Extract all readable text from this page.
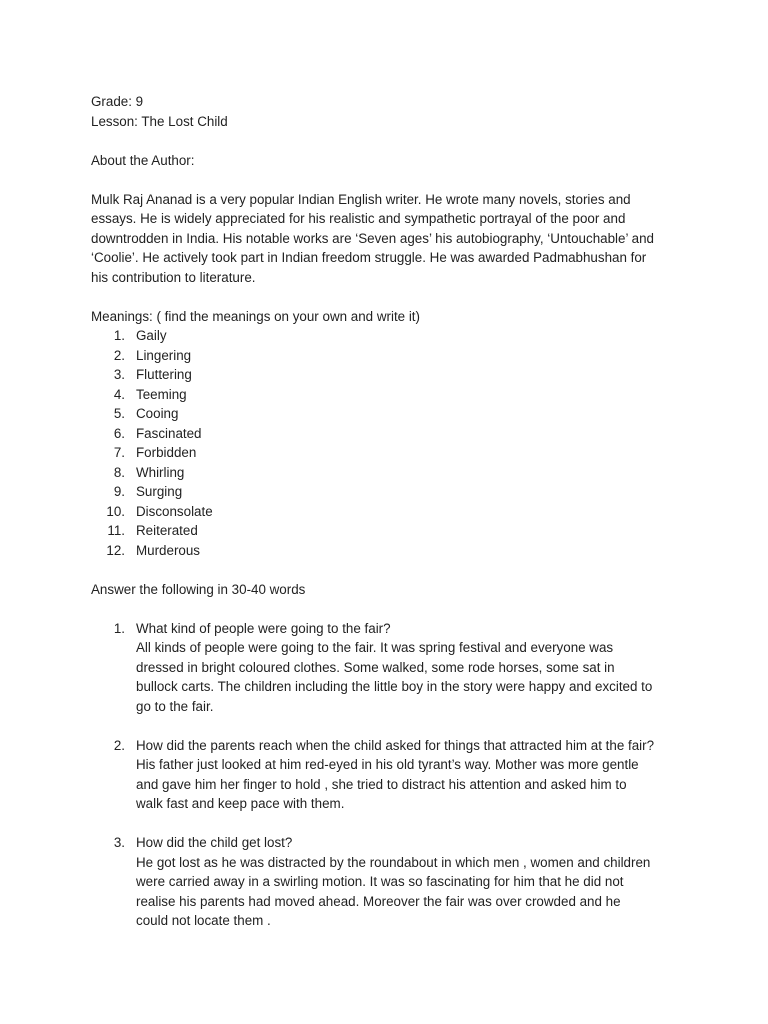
Grade: 9

Lesson: The Lost Child

About the Author:

Mulk Raj Ananad is a very popular Indian English writer. He wrote many novels, stories and essays. He is widely appreciated for his realistic and sympathetic portrayal of the poor and downtrodden in India. His notable works are ‘Seven ages’ his autobiography, ‘Untouchable’ and ‘Coolie’. He actively took part in Indian freedom struggle. He was awarded Padmabhushan for his contribution to literature.

Meanings: ( find the meanings on your own and write it)

1. Gaily
2. Lingering
3. Fluttering
4. Teeming
5. Cooing
6. Fascinated
7. Forbidden
8. Whirling
9. Surging
10. Disconsolate
11. Reiterated
12. Murderous

Answer the following in 30-40 words

1. What kind of people were going to the fair?

All kinds of people were going to the fair. It was spring festival and everyone was dressed in bright coloured clothes. Some walked, some rode horses, some sat in bullock carts. The children including the little boy in the story were happy and excited to go to the fair.

2. How did the parents reach when the child asked for things that attracted him at the fair?

His father just looked at him red-eyed in his old tyrant’s way. Mother was more gentle and gave him her finger to hold , she tried to distract his attention and asked him to walk fast and keep pace with them.

3. How did the child get lost?

He got lost as he was distracted by the roundabout in which men , women and children were carried away in a swirling motion. It was so fascinating for him that he did not realise his parents had moved ahead. Moreover the fair was over crowded and he could not locate them .
